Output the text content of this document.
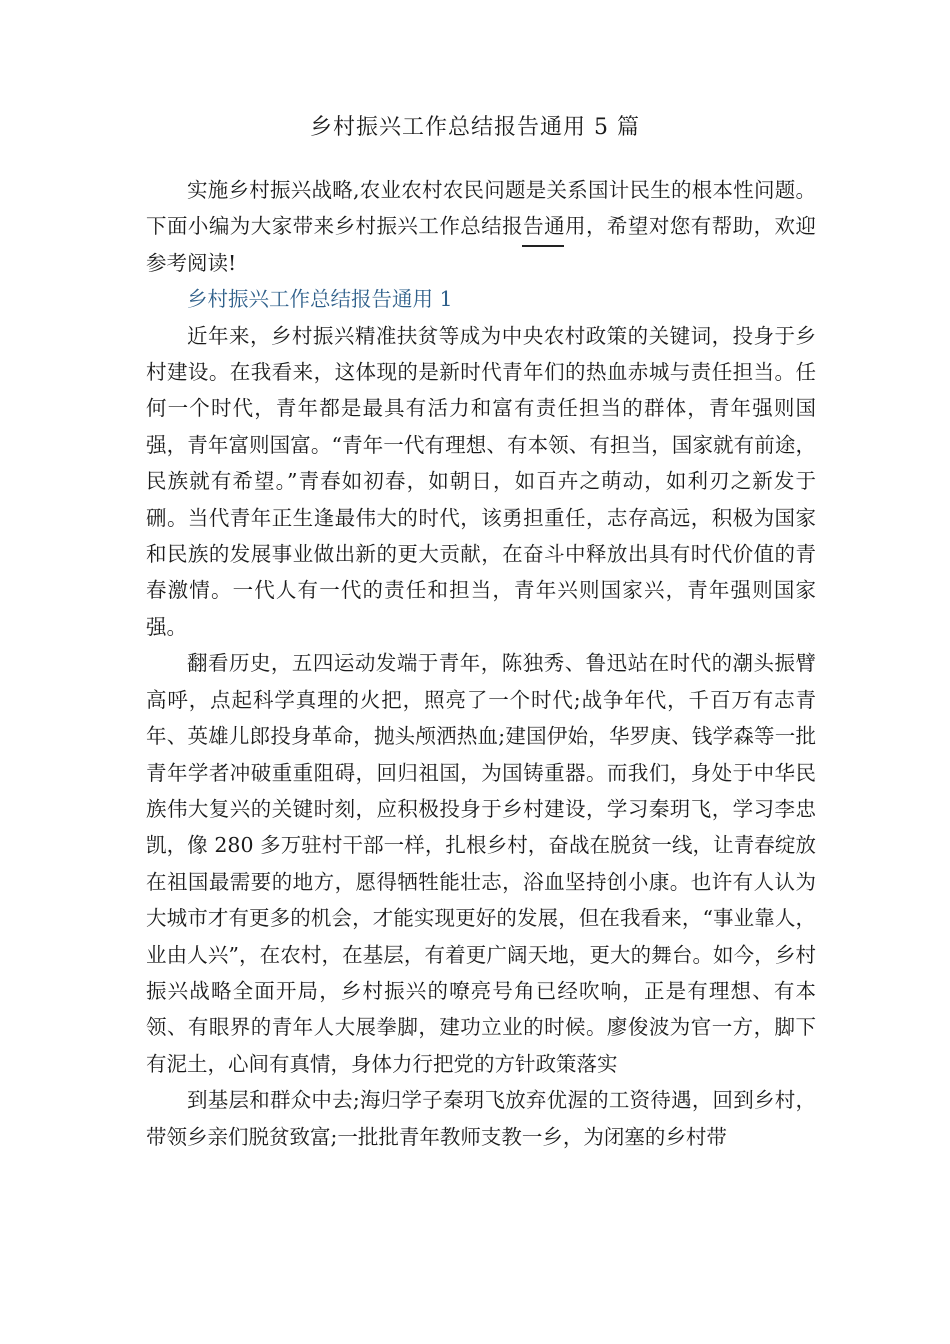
乡村振兴工作总结报告通用 5 篇

实施乡村振兴战略,农业农村农民问题是关系国计民生的根本性问题。下面小编为大家带来乡村振兴工作总结报告通用，希望对您有帮助，欢迎参考阅读!

乡村振兴工作总结报告通用 1

近年来，乡村振兴精准扶贫等成为中央农村政策的关键词，投身于乡村建设。在我看来，这体现的是新时代青年们的热血赤城与责任担当。任何一个时代，青年都是最具有活力和富有责任担当的群体，青年强则国强，青年富则国富。“青年一代有理想、有本领、有担当，国家就有前途，民族就有希望。”青春如初春，如朝日，如百卉之萌动，如利刃之新发于硎。当代青年正生逢最伟大的时代，该勇担重任，志存高远，积极为国家和民族的发展事业做出新的更大贡献，在奋斗中释放出具有时代价值的青春激情。一代人有一代的责任和担当，青年兴则国家兴，青年强则国家强。

翻看历史，五四运动发端于青年，陈独秀、鲁迅站在时代的潮头振臂高呼，点起科学真理的火把，照亮了一个时代;战争年代，千百万有志青年、英雄儿郎投身革命，抛头颅洒热血;建国伊始，华罗庚、钱学森等一批青年学者冲破重重阻碍，回归祖国，为国铸重器。而我们，身处于中华民族伟大复兴的关键时刻，应积极投身于乡村建设，学习秦玥飞，学习李忠凯，像 280 多万驻村干部一样，扎根乡村，奋战在脱贫一线，让青春绽放在祖国最需要的地方，愿得牺牲能壮志，浴血坚持创小康。也许有人认为大城市才有更多的机会，才能实现更好的发展，但在我看来，“事业靠人，业由人兴”，在农村，在基层，有着更广阔天地，更大的舞台。如今，乡村振兴战略全面开局，乡村振兴的嘹亮号角已经吹响，正是有理想、有本领、有眼界的青年人大展拳脚，建功立业的时候。廖俊波为官一方，脚下有泥土，心间有真情，身体力行把党的方针政策落实

到基层和群众中去;海归学子秦玥飞放弃优渥的工资待遇，回到乡村，带领乡亲们脱贫致富;一批批青年教师支教一乡，为闭塞的乡村带
